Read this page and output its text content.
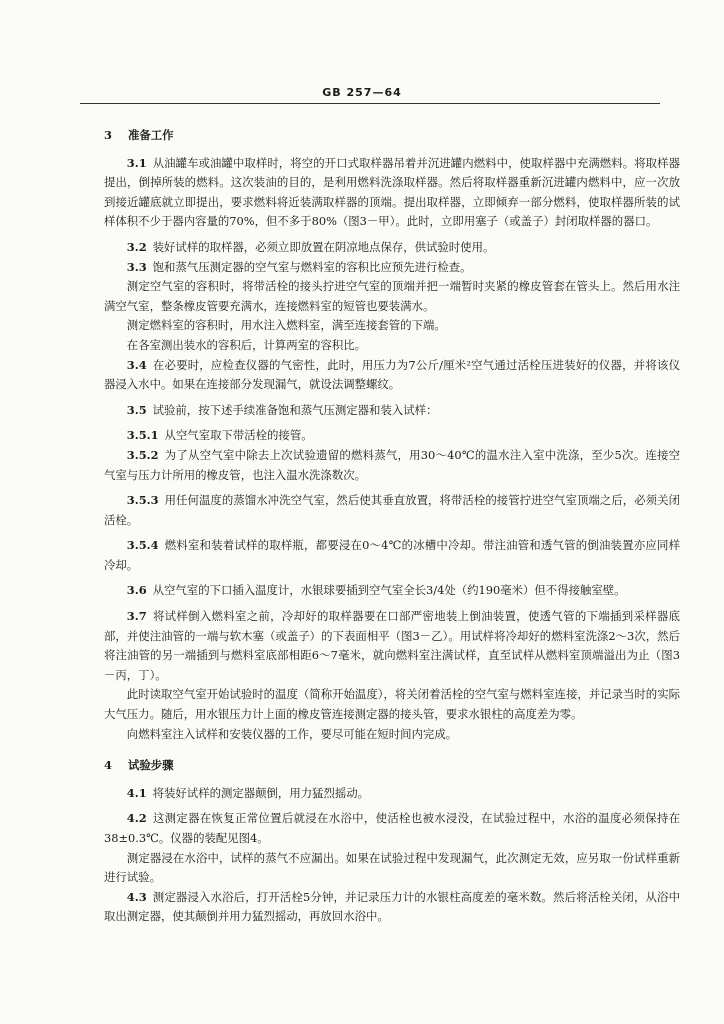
GB 257—64
3 准备工作

3.1 从油罐车或油罐中取样时，将空的开口式取样器吊着并沉进罐内燃料中，使取样器中充满燃料。将取样器提出，倒掉所装的燃料。这次装油的目的，是利用燃料洗涤取样器。然后将取样器重新沉进罐内燃料中，应一次放到接近罐底就立即提出，要求燃料将近装满取样器的顶端。提出取样器，立即倾弃一部分燃料，使取样器所装的试样体积不少于器内容量的70%，但不多于80%（图3－甲）。此时，立即用塞子（或盖子）封闭取样器的器口。

3.2 装好试样的取样器，必须立即放置在阴凉地点保存，供试验时使用。

3.3 饱和蒸气压测定器的空气室与燃料室的容积比应预先进行检查。

测定空气室的容积时，将带活栓的接头拧进空气室的顶端并把一端暂时夹紧的橡皮管套在管头上。然后用水注满空气室，整条橡皮管要充满水，连接燃料室的短管也要装满水。

测定燃料室的容积时，用水注入燃料室，满至连接套管的下端。

在各室测出装水的容积后，计算两室的容积比。

3.4 在必要时，应检查仪器的气密性，此时，用压力为7公斤/厘米²空气通过活栓压进装好的仪器，并将该仪器浸入水中。如果在连接部分发现漏气，就设法调整螺纹。

3.5 试验前，按下述手续准备饱和蒸气压测定器和装入试样：

3.5.1 从空气室取下带活栓的接管。

3.5.2 为了从空气室中除去上次试验遗留的燃料蒸气，用30～40℃的温水注入室中洗涤，至少5次。连接空气室与压力计所用的橡皮管，也注入温水洗涤数次。

3.5.3 用任何温度的蒸馏水冲洗空气室，然后使其垂直放置，将带活栓的接管拧进空气室顶端之后，必须关闭活栓。

3.5.4 燃料室和装着试样的取样瓶，都要浸在0～4℃的冰槽中冷却。带注油管和透气管的倒油装置亦应同样冷却。

3.6 从空气室的下口插入温度计，水银球要插到空气室全长3/4处（约190毫米）但不得接触室壁。

3.7 将试样倒入燃料室之前，冷却好的取样器要在口部严密地装上倒油装置，使透气管的下端插到采样器底部，并使注油管的一端与软木塞（或盖子）的下表面相平（图3－乙）。用试样将冷却好的燃料室洗涤2～3次，然后将注油管的另一端插到与燃料室底部相距6～7毫米，就向燃料室注满试样，直至试样从燃料室顶端溢出为止（图3－丙，丁）。

此时读取空气室开始试验时的温度（简称开始温度），将关闭着活栓的空气室与燃料室连接，并记录当时的实际大气压力。随后，用水银压力计上面的橡皮管连接测定器的接头管，要求水银柱的高度差为零。

向燃料室注入试样和安装仪器的工作，要尽可能在短时间内完成。

4 试验步骤

4.1 将装好试样的测定器颠倒，用力猛烈摇动。

4.2 这测定器在恢复正常位置后就浸在水浴中，使活栓也被水浸没，在试验过程中，水浴的温度必须保持在38±0.3℃。仪器的装配见图4。

测定器浸在水浴中，试样的蒸气不应漏出。如果在试验过程中发现漏气，此次测定无效，应另取一份试样重新进行试验。

4.3 测定器浸入水浴后，打开活栓5分钟，并记录压力计的水银柱高度差的毫米数。然后将活栓关闭，从浴中取出测定器，使其颠倒并用力猛烈摇动，再放回水浴中。
